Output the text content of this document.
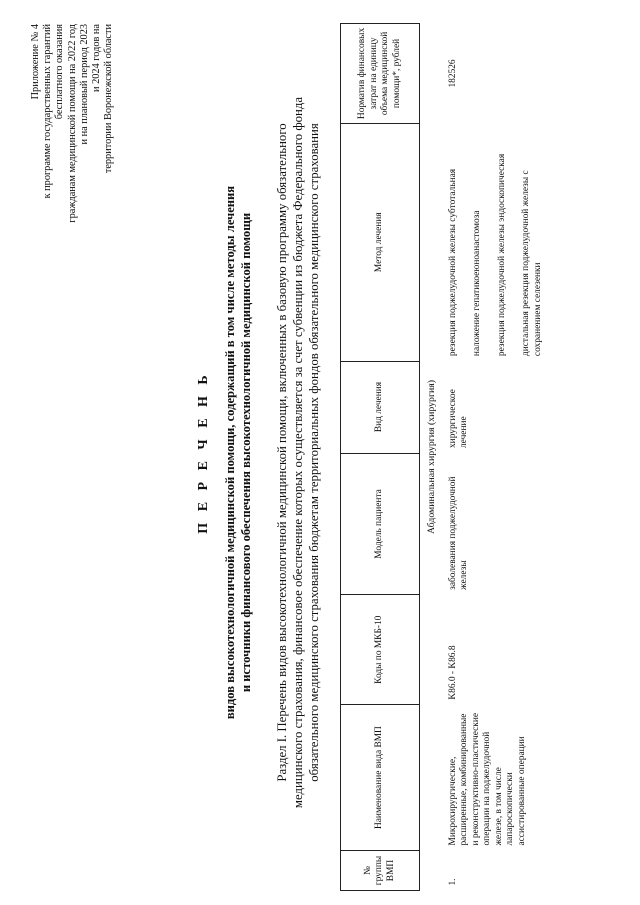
Приложение № 4 к программе государственных гарантий бесплатного оказания гражданам медицинской помощи на 2022 год и на плановый период 2023 и 2024 годов на территории Воронежской области
П Е Р Е Ч Е Н Ь видов высокотехнологичной медицинской помощи, содержащий в том числе методы лечения и источники финансового обеспечения высокотехнологичной медицинской помощи Раздел I. Перечень видов высокотехнологичной медицинской помощи, включенных в базовую программу обязательного медицинского страхования, финансовое обеспечение которых осуществляется за счет субвенции из бюджета Федерального фонда обязательного медицинского страхования бюджетам территориальных фондов обязательного медицинского страхования
№ группы ВМП	Наименование вида ВМП	Коды по МКБ-10	Модель пациента	Вид лечения	Метод лечения	Норматив финансовых затрат на единицу объема медицинской помощи*, рублей
Абдоминальная хирургия (хирургия)						
1.	Микрохирургические, расширенные, комбинированные и реконструктивно-пластические операции на поджелудочной железе, в том числе лапароскопически ассистированные операции	K86.0 - K86.8	заболевания поджелудочной железы	хирургическое лечение	резекция поджелудочной железы субтотальная наложение гепатикоеюноанастомоза резекция поджелудочной железы эндоскопическая дистальная резекция поджелудочной железы с сохранением селезенки	182526
